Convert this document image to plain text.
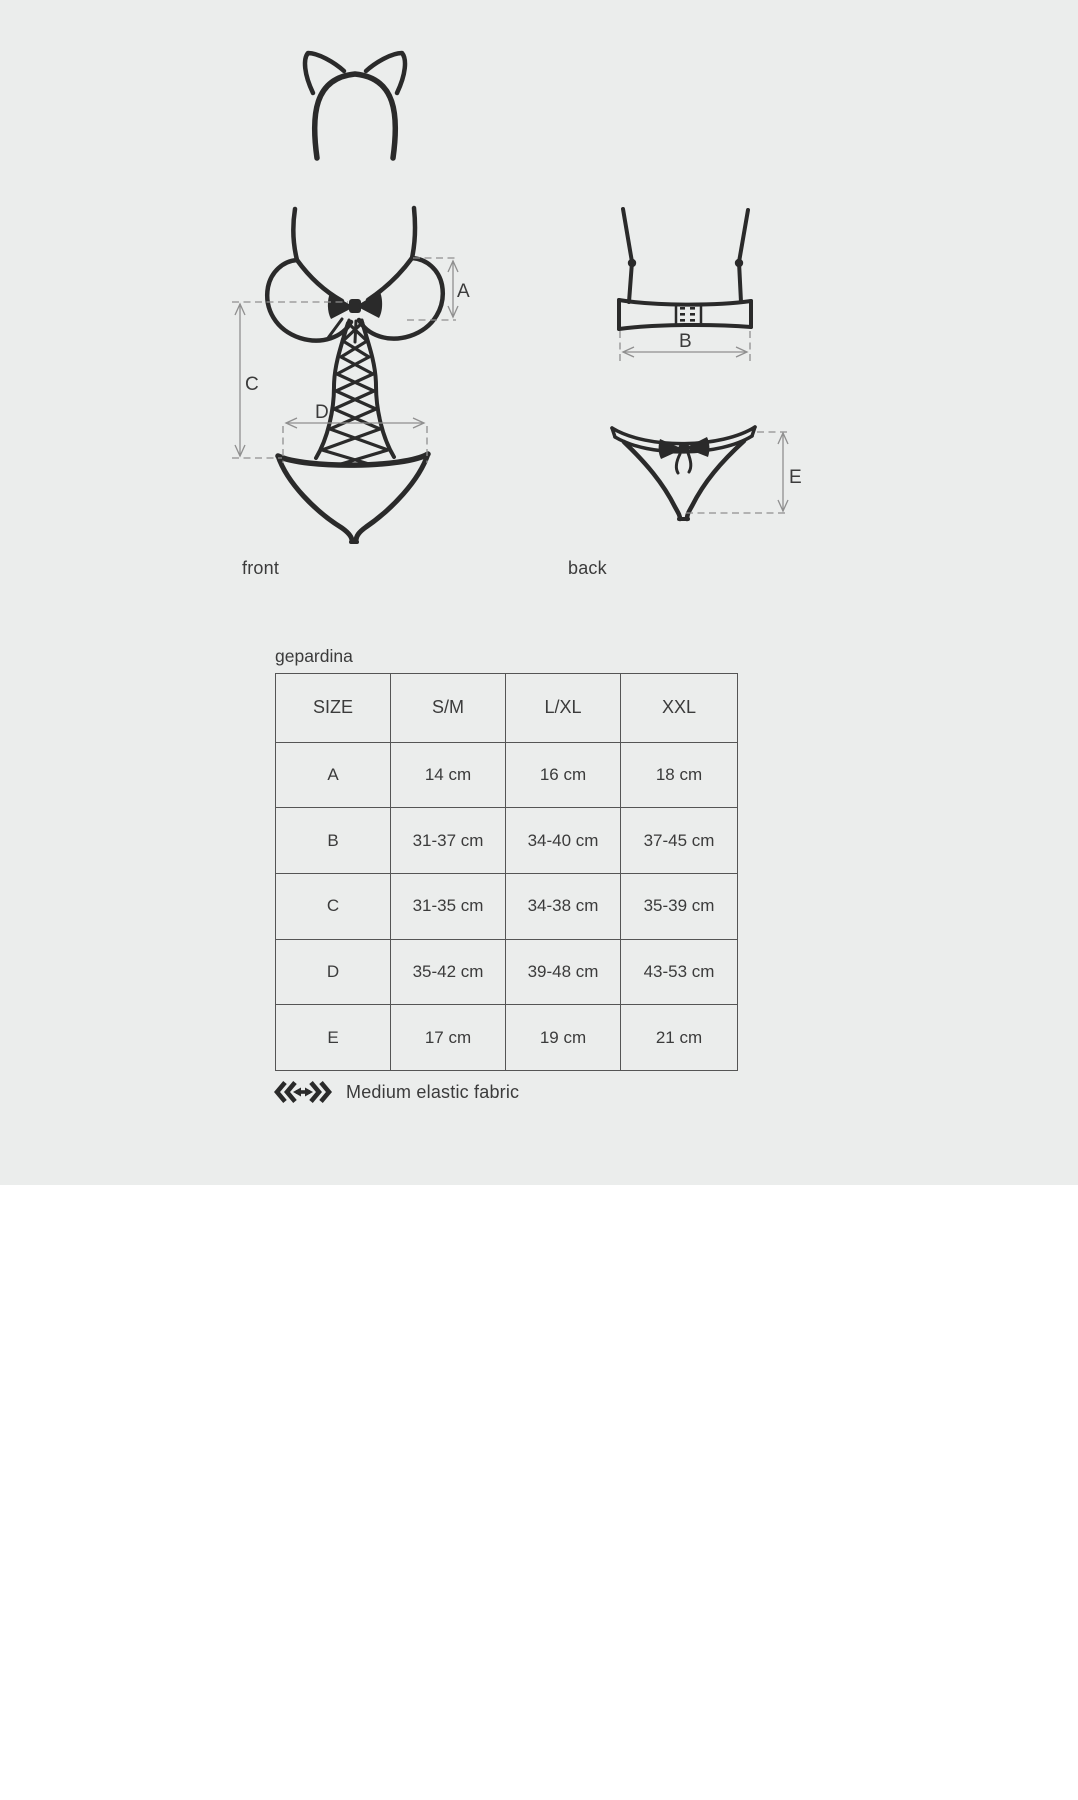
A
C
D
B
E
front	back
gepardina
SIZE	S/M	L/XL	XXL
A	14 cm	16 cm	18 cm
B	31-37 cm	34-40 cm	37-45 cm
C	31-35 cm	34-38 cm	35-39 cm
D	35-42 cm	39-48 cm	43-53 cm
E	17 cm	19 cm	21 cm
Medium elastic fabric
